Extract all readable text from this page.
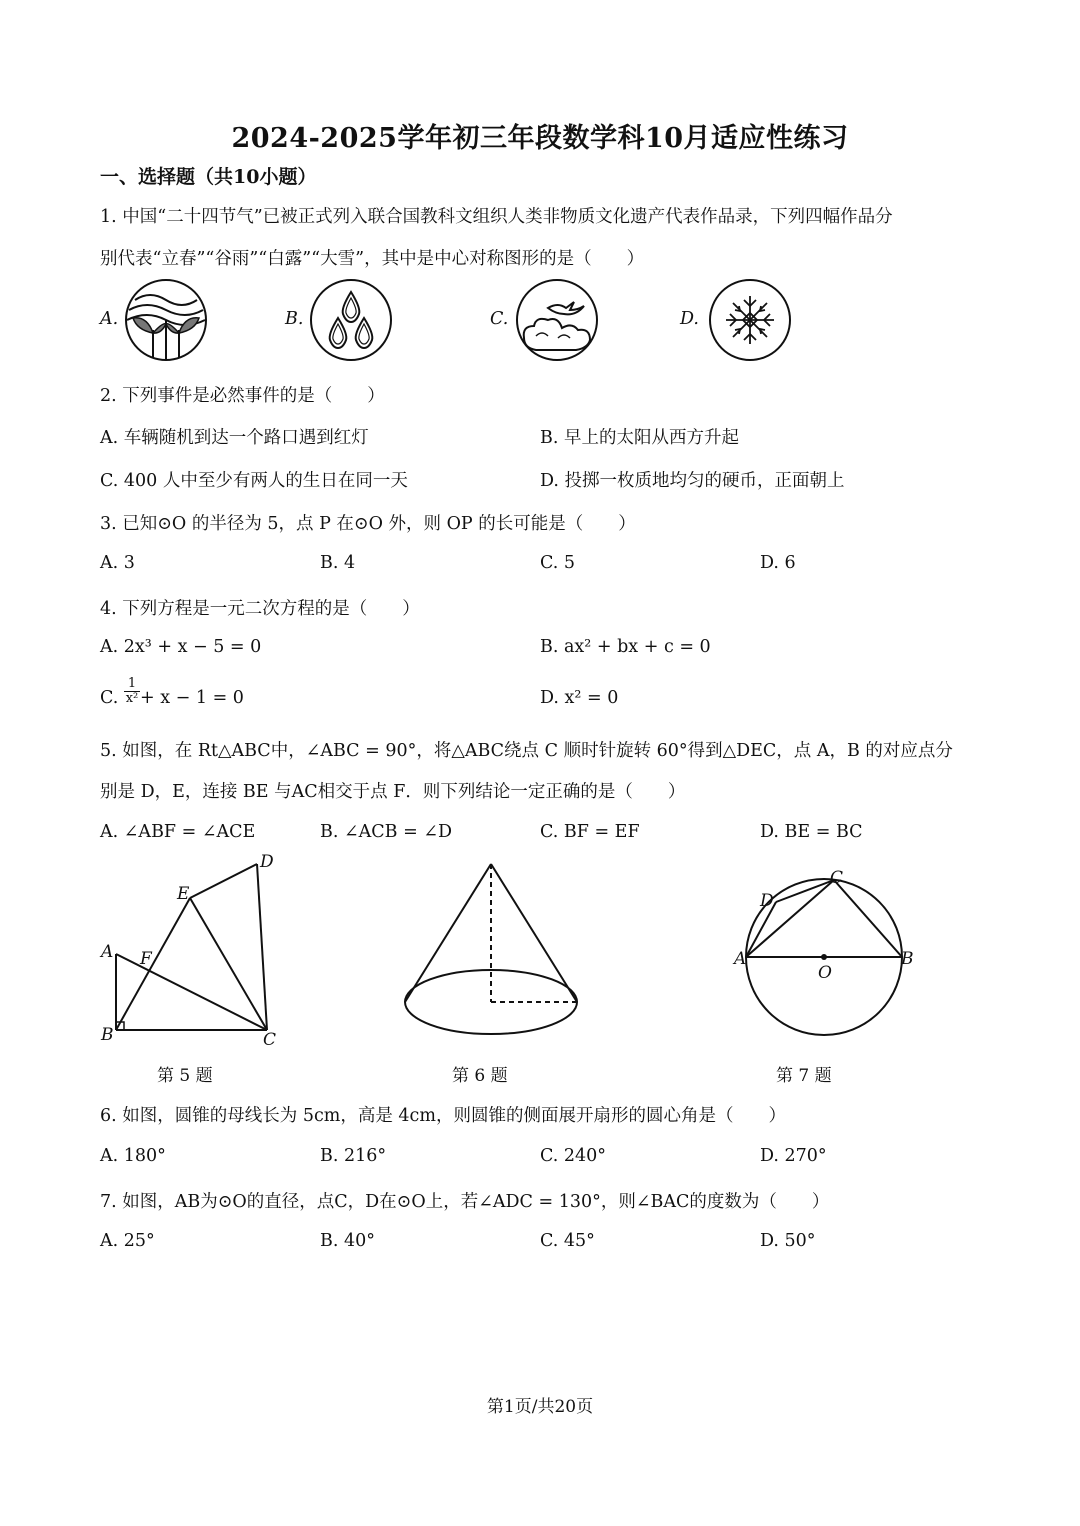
2024-2025学年初三年段数学科10月适应性练习
一、选择题（共10小题）
1. 中国“二十四节气”已被正式列入联合国教科文组织人类非物质文化遗产代表作品录，下列四幅作品分
别代表“立春”“谷雨”“白露”“大雪”，其中是中心对称图形的是（　　）
A.	B.	C.	D.
2. 下列事件是必然事件的是（　　）
A. 车辆随机到达一个路口遇到红灯	B. 早上的太阳从西方升起
C. 400 人中至少有两人的生日在同一天	D. 投掷一枚质地均匀的硬币，正面朝上
3. 已知⊙O 的半径为 5，点 P 在⊙O 外，则 OP 的长可能是（　　）
A. 3	B. 4	C. 5	D. 6
4. 下列方程是一元二次方程的是（　　）
A. 2x³ + x − 5 = 0	B. ax² + bx + c = 0
C. $\frac{1}{\text{x²}} + x - 1 = 0$	D. x² = 0
5. 如图，在 Rt△ABC中，∠ABC = 90°，将△ABC绕点 C 顺时针旋转 60°得到△DEC，点 A，B 的对应点分
别是 D，E，连接 BE 与AC相交于点 F．则下列结论一定正确的是（　　）
A. ∠ABF = ∠ACE	B. ∠ACB = ∠D	C. BF = EF	D. BE = BC
A
B	C
D
E
F
第 5 题	第 6 题
A	B
C
D
O
第 7 题
6. 如图，圆锥的母线长为 5cm，高是 4cm，则圆锥的侧面展开扇形的圆心角是（　　）
A. 180°	B. 216°	C. 240°	D. 270°
7. 如图，AB为⊙O的直径，点C，D在⊙O上，若∠ADC = 130°，则∠BAC的度数为（　　）
A. 25°	B. 40°	C. 45°	D. 50°
第1页/共20页
